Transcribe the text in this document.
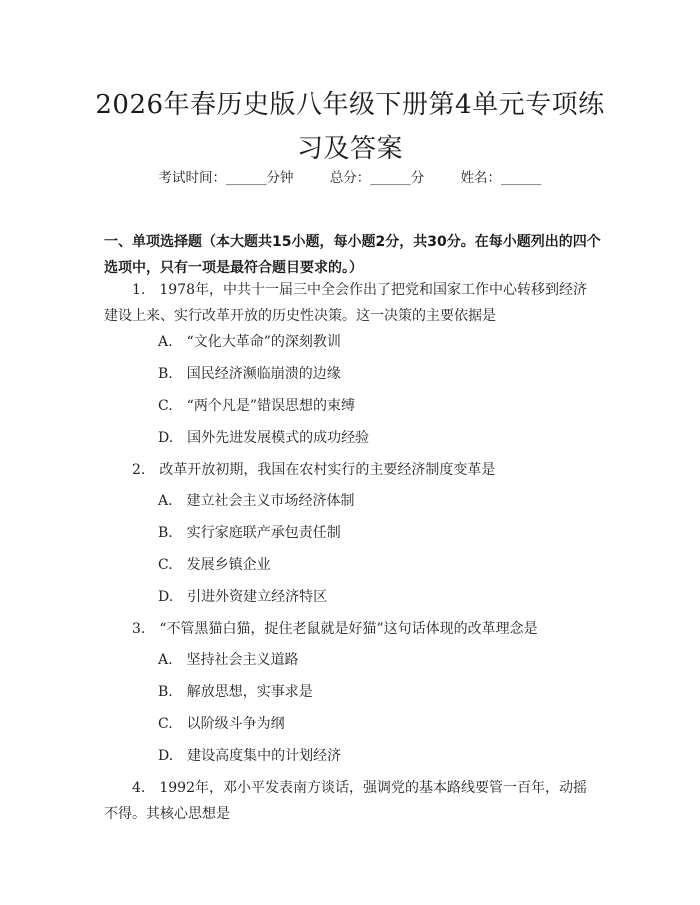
2026年春历史版八年级下册第4单元专项练习及答案
考试时间：______分钟	总分：______分	姓名：______
一、单项选择题（本大题共15小题，每小题2分，共30分。在每小题列出的四个选项中，只有一项是最符合题目要求的。）
1.　1978年，中共十一届三中全会作出了把党和国家工作中心转移到经济建设上来、实行改革开放的历史性决策。这一决策的主要依据是
A.　“文化大革命”的深刻教训
B.　国民经济濒临崩溃的边缘
C.　“两个凡是”错误思想的束缚
D.　国外先进发展模式的成功经验
2.　改革开放初期，我国在农村实行的主要经济制度变革是
A.　建立社会主义市场经济体制
B.　实行家庭联产承包责任制
C.　发展乡镇企业
D.　引进外资建立经济特区
3.　“不管黑猫白猫，捉住老鼠就是好猫”这句话体现的改革理念是
A.　坚持社会主义道路
B.　解放思想，实事求是
C.　以阶级斗争为纲
D.　建设高度集中的计划经济
4.　1992年，邓小平发表南方谈话，强调党的基本路线要管一百年，动摇不得。其核心思想是
